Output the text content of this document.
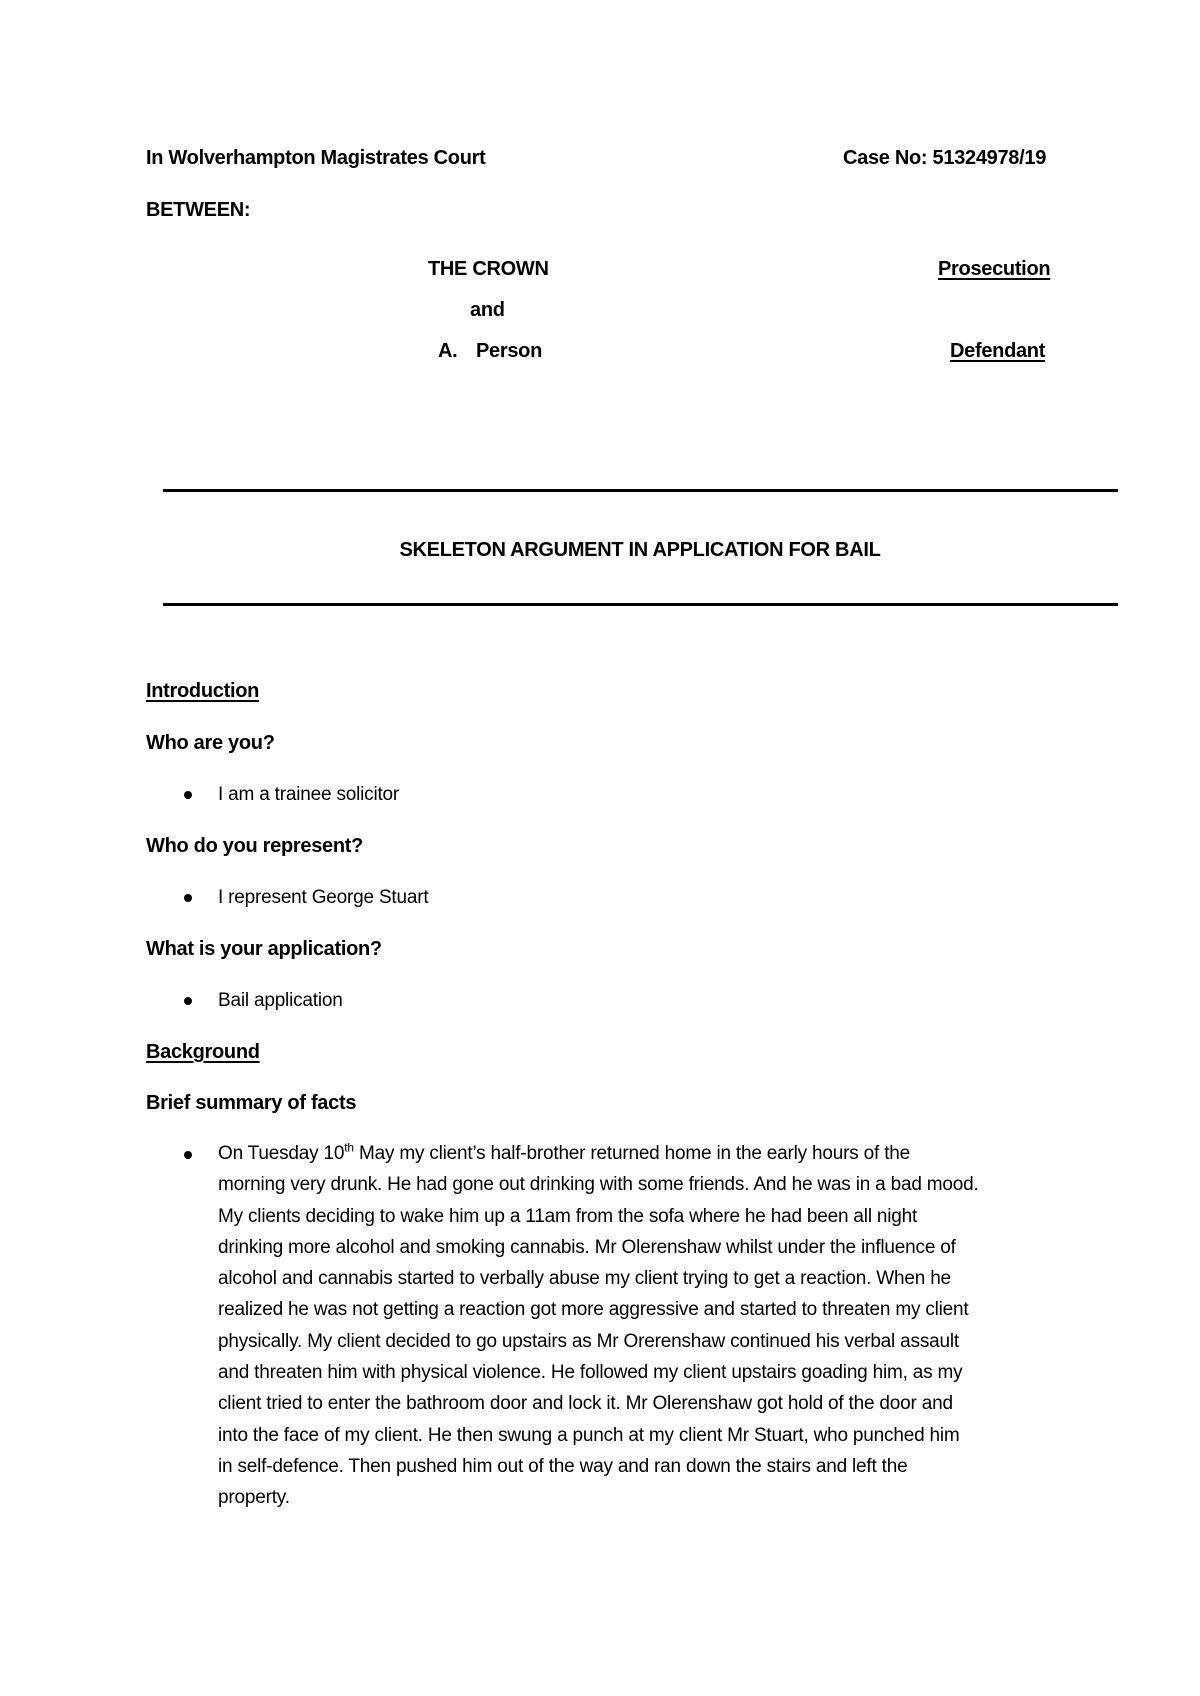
In Wolverhampton Magistrates Court	Case No: 51324978/19
BETWEEN:
THE CROWN	Prosecution
and
A. Person	Defendant
SKELETON ARGUMENT IN APPLICATION FOR BAIL
Introduction
Who are you?
I am a trainee solicitor
Who do you represent?
I represent George Stuart
What is your application?
Bail application
Background
Brief summary of facts
On Tuesday 10th May my client’s half-brother returned home in the early hours of the
morning very drunk. He had gone out drinking with some friends. And he was in a bad mood.
My clients deciding to wake him up a 11am from the sofa where he had been all night
drinking more alcohol and smoking cannabis. Mr Olerenshaw whilst under the influence of
alcohol and cannabis started to verbally abuse my client trying to get a reaction. When he
realized he was not getting a reaction got more aggressive and started to threaten my client
physically. My client decided to go upstairs as Mr Orerenshaw continued his verbal assault
and threaten him with physical violence. He followed my client upstairs goading him, as my
client tried to enter the bathroom door and lock it. Mr Olerenshaw got hold of the door and
into the face of my client. He then swung a punch at my client Mr Stuart, who punched him
in self-defence. Then pushed him out of the way and ran down the stairs and left the
property.
